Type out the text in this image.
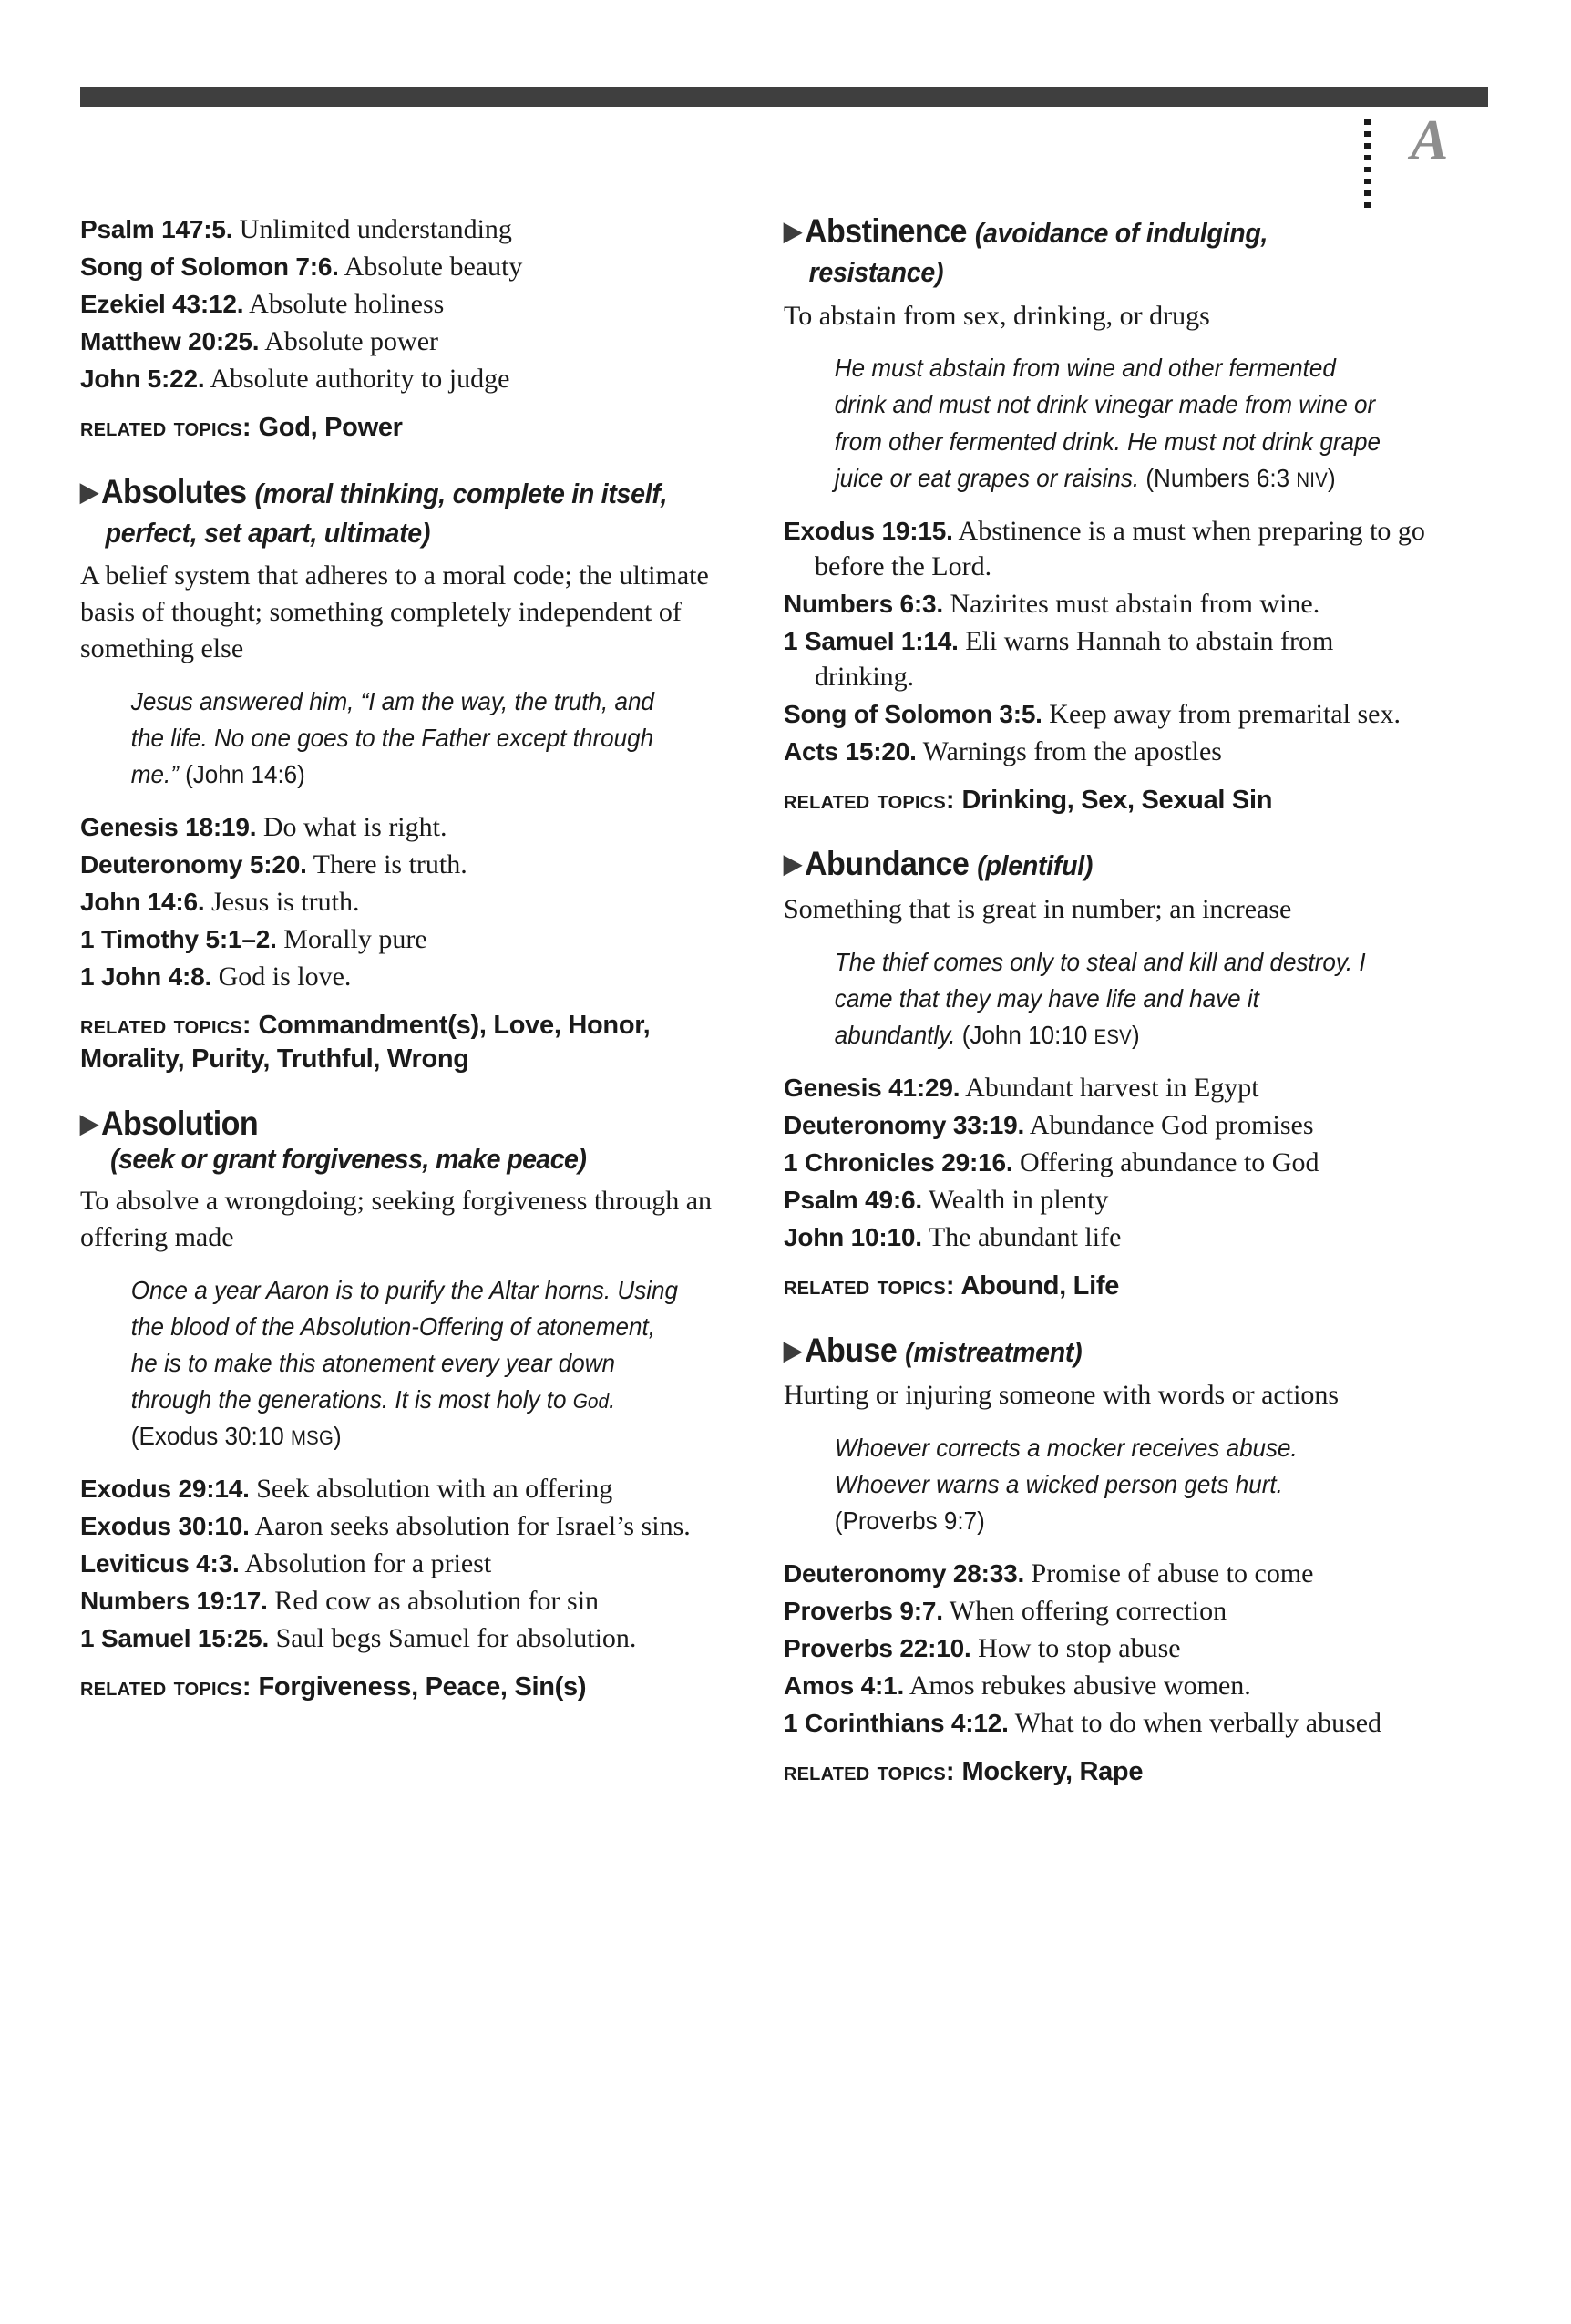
A

Psalm 147:5. Unlimited understanding

Song of Solomon 7:6. Absolute beauty

Ezekiel 43:12. Absolute holiness

Matthew 20:25. Absolute power

John 5:22. Absolute authority to judge

related topics: God, Power

▶Absolutes (moral thinking, complete in itself, perfect, set apart, ultimate)

A belief system that adheres to a moral code; the ultimate basis of thought; something completely independent of something else

Jesus answered him, “I am the way, the truth, and the life. No one goes to the Father except through me.” (John 14:6)

Genesis 18:19. Do what is right.

Deuteronomy 5:20. There is truth.

John 14:6. Jesus is truth.

1 Timothy 5:1–2. Morally pure

1 John 4:8. God is love.

related topics: Commandment(s), Love, Honor, Morality, Purity, Truthful, Wrong

▶Absolution
(seek or grant forgiveness, make peace)

To absolve a wrongdoing; seeking forgiveness through an offering made

Once a year Aaron is to purify the Altar horns. Using the blood of the Absolution-Offering of atonement, he is to make this atonement every year down through the generations. It is most holy to God. (Exodus 30:10 MSG)

Exodus 29:14. Seek absolution with an offering

Exodus 30:10. Aaron seeks absolution for Israel’s sins.

Leviticus 4:3. Absolution for a priest

Numbers 19:17. Red cow as absolution for sin

1 Samuel 15:25. Saul begs Samuel for absolution.

related topics: Forgiveness, Peace, Sin(s)

▶Abstinence (avoidance of indulging, resistance)

To abstain from sex, drinking, or drugs

He must abstain from wine and other fermented drink and must not drink vinegar made from wine or from other fermented drink. He must not drink grape juice or eat grapes or raisins. (Numbers 6:3 NIV)

Exodus 19:15. Abstinence is a must when preparing to go before the Lord.

Numbers 6:3. Nazirites must abstain from wine.

1 Samuel 1:14. Eli warns Hannah to abstain from drinking.

Song of Solomon 3:5. Keep away from premarital sex.

Acts 15:20. Warnings from the apostles

related topics: Drinking, Sex, Sexual Sin

▶Abundance (plentiful)

Something that is great in number; an increase

The thief comes only to steal and kill and destroy. I came that they may have life and have it abundantly. (John 10:10 ESV)

Genesis 41:29. Abundant harvest in Egypt

Deuteronomy 33:19. Abundance God promises

1 Chronicles 29:16. Offering abundance to God

Psalm 49:6. Wealth in plenty

John 10:10. The abundant life

related topics: Abound, Life

▶Abuse (mistreatment)

Hurting or injuring someone with words or actions

Whoever corrects a mocker receives abuse. Whoever warns a wicked person gets hurt. (Proverbs 9:7)

Deuteronomy 28:33. Promise of abuse to come

Proverbs 9:7. When offering correction

Proverbs 22:10. How to stop abuse

Amos 4:1. Amos rebukes abusive women.

1 Corinthians 4:12. What to do when verbally abused

related topics: Mockery, Rape
